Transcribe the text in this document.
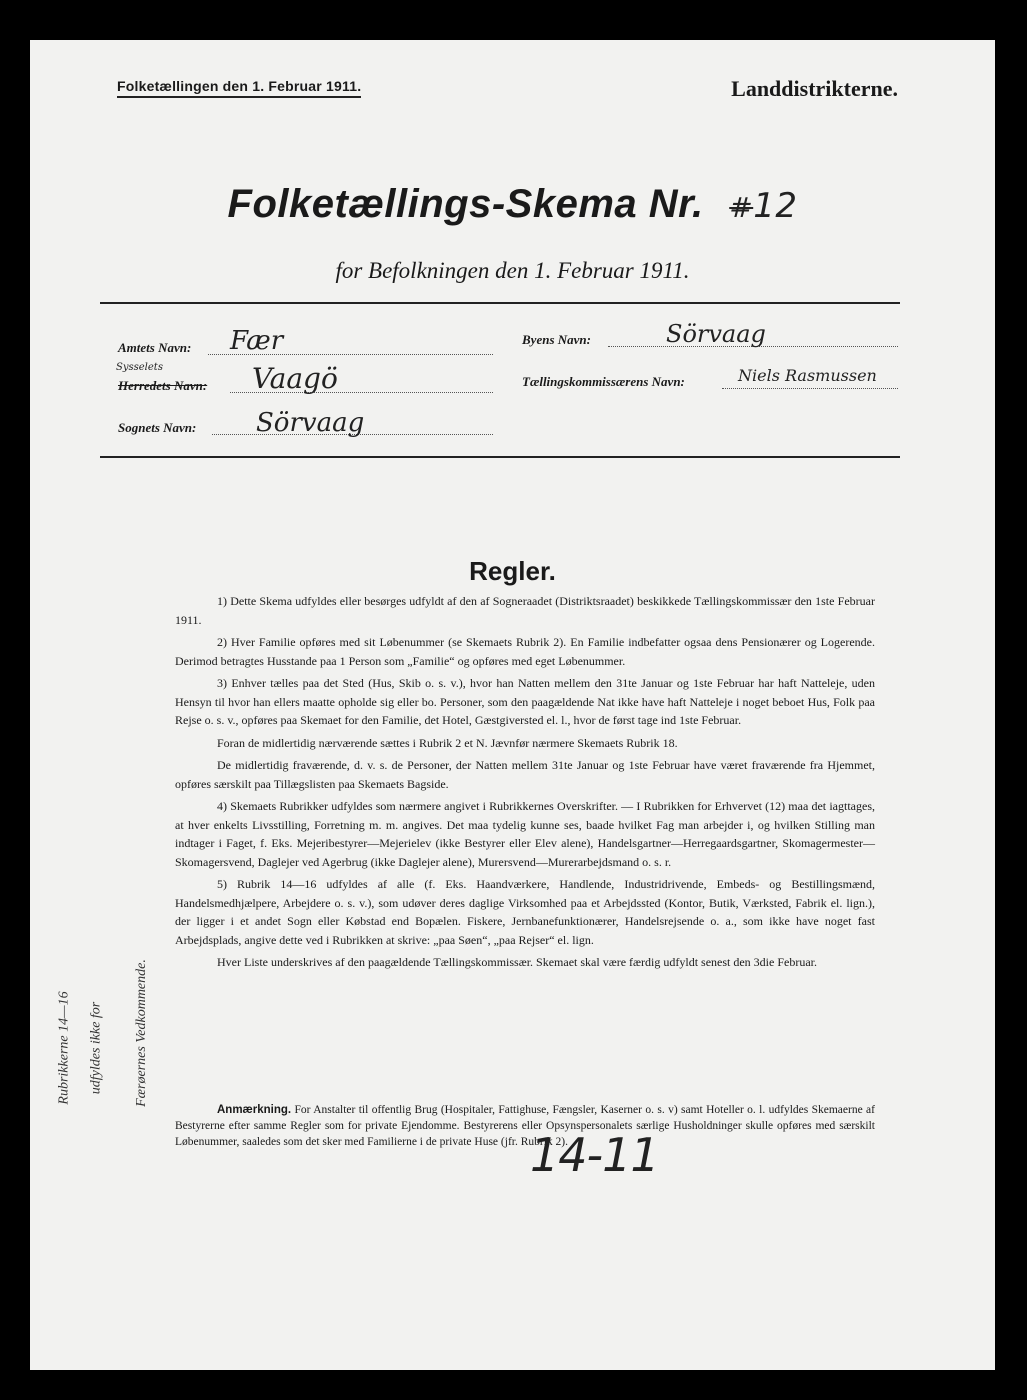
Folketællingen den 1. Februar 1911.	Landdistrikterne.
Folketællings-Skema Nr. #12
for Befolkningen den 1. Februar 1911.
Amtets Navn: Fær
Sysselets
Herredets Navn: Vaagö
Sognets Navn: Sörvaag
Byens Navn:	Sörvaag
Tællingskommissærens Navn:	Niels Rasmussen
Rubrikkerne 14—16 udfyldes ikke for Færøernes Vedkommende.
Regler.

1) Dette Skema udfyldes eller besørges udfyldt af den af Sogneraadet (Distriktsraadet) beskikkede Tællingskommissær den 1ste Februar 1911.

2) Hver Familie opføres med sit Løbenummer (se Skemaets Rubrik 2). En Familie indbefatter ogsaa dens Pensionærer og Logerende. Derimod betragtes Husstande paa 1 Person som „Familie“ og opføres med eget Løbenummer.

3) Enhver tælles paa det Sted (Hus, Skib o. s. v.), hvor han Natten mellem den 31te Januar og 1ste Februar har haft Natteleje, uden Hensyn til hvor han ellers maatte opholde sig eller bo. Personer, som den paagældende Nat ikke have haft Natteleje i noget beboet Hus, Folk paa Rejse o. s. v., opføres paa Skemaet for den Familie, det Hotel, Gæstgiversted el. l., hvor de først tage ind 1ste Februar.

Foran de midlertidig nærværende sættes i Rubrik 2 et N. Jævnfør nærmere Skemaets Rubrik 18.

De midlertidig fraværende, d. v. s. de Personer, der Natten mellem 31te Januar og 1ste Februar have været fraværende fra Hjemmet, opføres særskilt paa Tillægslisten paa Skemaets Bagside.

4) Skemaets Rubrikker udfyldes som nærmere angivet i Rubrikkernes Overskrifter. — I Rubrikken for Erhvervet (12) maa det iagttages, at hver enkelts Livsstilling, Forretning m. m. angives. Det maa tydelig kunne ses, baade hvilket Fag man arbejder i, og hvilken Stilling man indtager i Faget, f. Eks. Mejeribestyrer—Mejerielev (ikke Bestyrer eller Elev alene), Handelsgartner—Herregaardsgartner, Skomagermester—Skomagersvend, Daglejer ved Agerbrug (ikke Daglejer alene), Murersvend—Murerarbejdsmand o. s. r.

5) Rubrik 14—16 udfyldes af alle (f. Eks. Haandværkere, Handlende, Industridrivende, Embeds- og Bestillingsmænd, Handelsmedhjælpere, Arbejdere o. s. v.), som udøver deres daglige Virksomhed paa et Arbejdssted (Kontor, Butik, Værksted, Fabrik el. lign.), der ligger i et andet Sogn eller Købstad end Bopælen. Fiskere, Jernbanefunktionærer, Handelsrejsende o. a., som ikke have noget fast Arbejdsplads, angive dette ved i Rubrikken at skrive: „paa Søen“, „paa Rejser“ el. lign.

Hver Liste underskrives af den paagældende Tællingskommissær. Skemaet skal være færdig udfyldt senest den 3die Februar.

Anmærkning. For Anstalter til offentlig Brug (Hospitaler, Fattighuse, Fængsler, Kaserner o. s. v) samt Hoteller o. l. udfyldes Skemaerne af Bestyrerne efter samme Regler som for private Ejendomme. Bestyrerens eller Opsynspersonalets særlige Husholdninger skulle opføres med særskilt Løbenummer, saaledes som det sker med Familierne i de private Huse (jfr. Rubrik 2).
14-11
